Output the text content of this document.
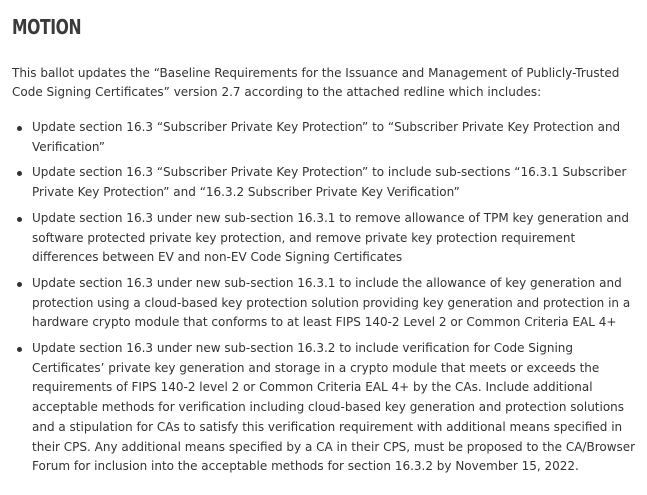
MOTION

This ballot updates the “Baseline Requirements for the Issuance and Management of Publicly-Trusted Code Signing Certificates” version 2.7 according to the attached redline which includes:

Update section 16.3 “Subscriber Private Key Protection” to “Subscriber Private Key Protection and Verification”
Update section 16.3 “Subscriber Private Key Protection” to include sub-sections “16.3.1 Subscriber Private Key Protection” and “16.3.2 Subscriber Private Key Verification”
Update section 16.3 under new sub-section 16.3.1 to remove allowance of TPM key generation and software protected private key protection, and remove private key protection requirement differences between EV and non-EV Code Signing Certificates
Update section 16.3 under new sub-section 16.3.1 to include the allowance of key generation and protection using a cloud-based key protection solution providing key generation and protection in a hardware crypto module that conforms to at least FIPS 140-2 Level 2 or Common Criteria EAL 4+
Update section 16.3 under new sub-section 16.3.2 to include verification for Code Signing Certificates’ private key generation and storage in a crypto module that meets or exceeds the requirements of FIPS 140-2 level 2 or Common Criteria EAL 4+ by the CAs. Include additional acceptable methods for verification including cloud-based key generation and protection solutions and a stipulation for CAs to satisfy this verification requirement with additional means specified in their CPS. Any additional means specified by a CA in their CPS, must be proposed to the CA/Browser Forum for inclusion into the acceptable methods for section 16.3.2 by November 15, 2022.
